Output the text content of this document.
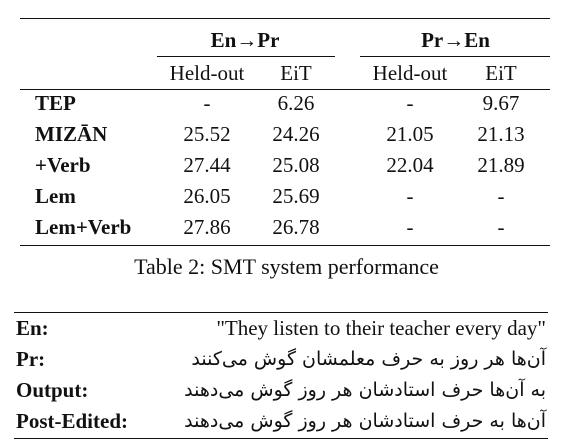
En→Pr	Pr→En
Held-out	EiT	Held-out	EiT
TEP	-	6.26	-	9.67
MIZĀN	25.52	24.26	21.05	21.13
+Verb	27.44	25.08	22.04	21.89
Lem	26.05	25.69	-	-
Lem+Verb	27.86	26.78	-	-
Table 2: SMT system performance
En:	"They listen to their teacher every day"
Pr:	آن‌ها هر روز به حرف معلمشان گوش می‌کنند
Output:	به آن‌ها حرف استادشان هر روز گوش می‌دهند
Post-Edited:	آن‌ها به حرف استادشان هر روز گوش می‌دهند
